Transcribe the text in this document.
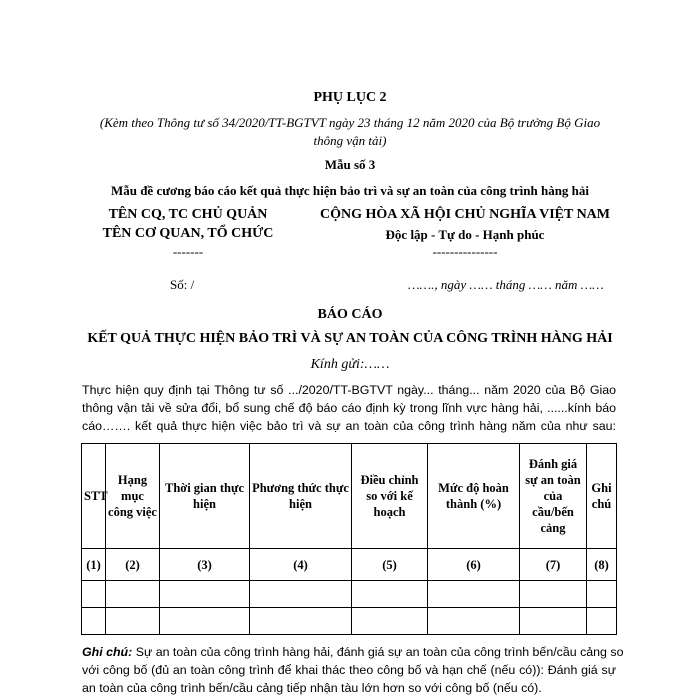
PHỤ LỤC 2
(Kèm theo Thông tư số 34/2020/TT-BGTVT ngày 23 tháng 12 năm 2020 của Bộ trưởng Bộ Giao
thông vận tải)
Mẫu số 3
Mẫu đề cương báo cáo kết quả thực hiện bảo trì và sự an toàn của công trình hàng hải
TÊN CQ, TC CHỦ QUẢN
TÊN CƠ QUAN, TỔ CHỨC
-------
CỘNG HÒA XÃ HỘI CHỦ NGHĨA VIỆT NAM
Độc lập - Tự do - Hạnh phúc
---------------
Số: /	……., ngày …… tháng …… năm ……
BÁO CÁO
KẾT QUẢ THỰC HIỆN BẢO TRÌ VÀ SỰ AN TOÀN CỦA CÔNG TRÌNH HÀNG HẢI
Kính gửi:……
Thực hiện quy định tại Thông tư số .../2020/TT-BGTVT ngày... tháng... năm 2020 của Bộ Giao
thông vận tải về sửa đổi, bổ sung chế độ báo cáo định kỳ trong lĩnh vực hàng hải, ......kính báo
cáo……. kết quả thực hiện việc bảo trì và sự an toàn của công trình hàng năm của như sau:
STT	Hạng mục công việc	Thời gian thực hiện	Phương thức thực hiện	Điều chỉnh so với kế hoạch	Mức độ hoàn thành (%)	Đánh giá sự an toàn của cầu/bến cảng	Ghi chú
(1)	(2)	(3)	(4)	(5)	(6)	(7)	(8)

Ghi chú: Sự an toàn của công trình hàng hải, đánh giá sự an toàn của công trình bến/cầu cảng so
với công bố (đủ an toàn công trình để khai thác theo công bố và hạn chế (nếu có)): Đánh giá sự
an toàn của công trình bến/cầu cảng tiếp nhận tàu lớn hơn so với công bố (nếu có).
